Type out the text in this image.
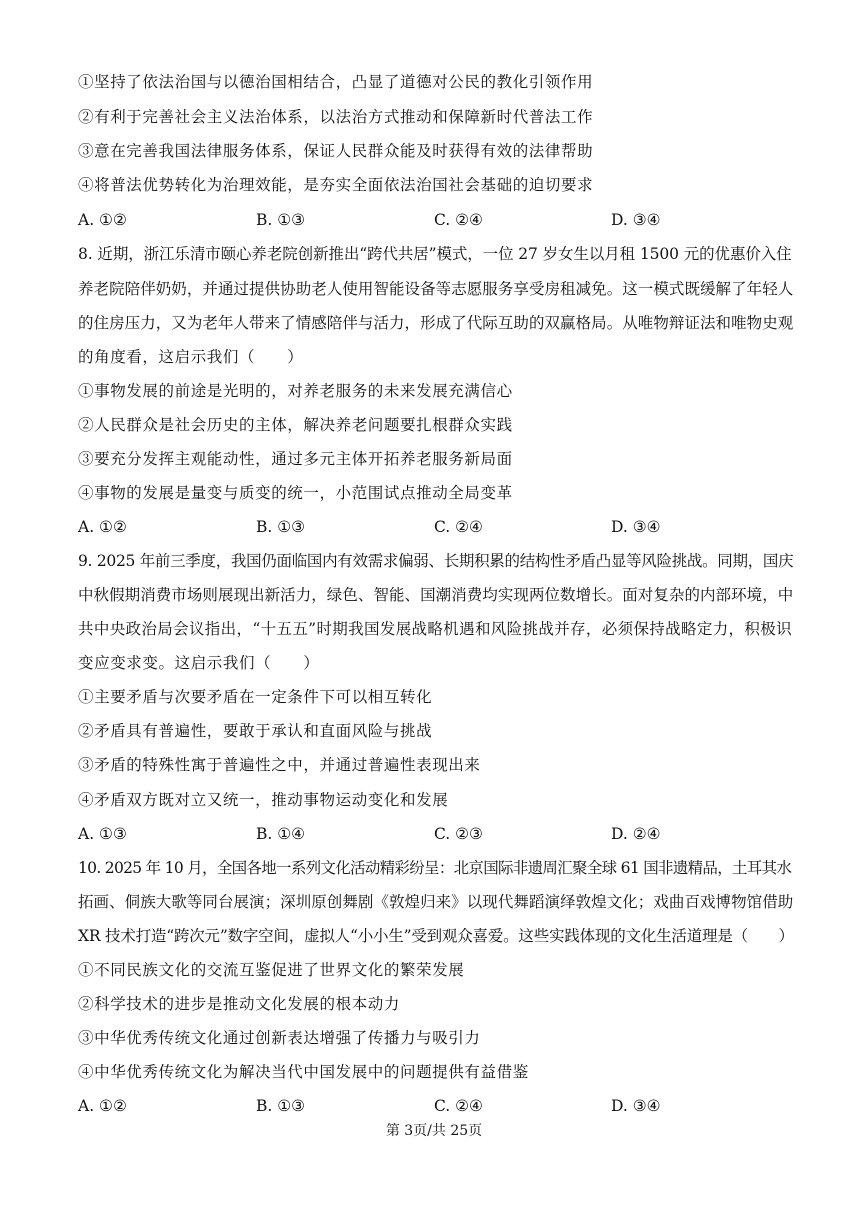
①坚持了依法治国与以德治国相结合，凸显了道德对公民的教化引领作用
②有利于完善社会主义法治体系，以法治方式推动和保障新时代普法工作
③意在完善我国法律服务体系，保证人民群众能及时获得有效的法律帮助
④将普法优势转化为治理效能，是夯实全面依法治国社会基础的迫切要求
A. ①②	B. ①③	C. ②④	D. ③④
8. 近期，浙江乐清市颐心养老院创新推出“跨代共居”模式，一位 27 岁女生以月租 1500 元的优惠价入住
养老院陪伴奶奶，并通过提供协助老人使用智能设备等志愿服务享受房租减免。这一模式既缓解了年轻人
的住房压力，又为老年人带来了情感陪伴与活力，形成了代际互助的双赢格局。从唯物辩证法和唯物史观
的角度看，这启示我们（　　）
①事物发展的前途是光明的，对养老服务的未来发展充满信心
②人民群众是社会历史的主体，解决养老问题要扎根群众实践
③要充分发挥主观能动性，通过多元主体开拓养老服务新局面
④事物的发展是量变与质变的统一，小范围试点推动全局变革
A. ①②	B. ①③	C. ②④	D. ③④
9. 2025 年前三季度，我国仍面临国内有效需求偏弱、长期积累的结构性矛盾凸显等风险挑战。同期，国庆
中秋假期消费市场则展现出新活力，绿色、智能、国潮消费均实现两位数增长。面对复杂的内部环境，中
共中央政治局会议指出，“十五五”时期我国发展战略机遇和风险挑战并存，必须保持战略定力，积极识
变应变求变。这启示我们（　　）
①主要矛盾与次要矛盾在一定条件下可以相互转化
②矛盾具有普遍性，要敢于承认和直面风险与挑战
③矛盾的特殊性寓于普遍性之中，并通过普遍性表现出来
④矛盾双方既对立又统一，推动事物运动变化和发展
A. ①③	B. ①④	C. ②③	D. ②④
10. 2025 年 10 月，全国各地一系列文化活动精彩纷呈：北京国际非遗周汇聚全球 61 国非遗精品，土耳其水
拓画、侗族大歌等同台展演；深圳原创舞剧《敦煌归来》以现代舞蹈演绎敦煌文化；戏曲百戏博物馆借助
XR 技术打造“跨次元”数字空间，虚拟人“小小生”受到观众喜爱。这些实践体现的文化生活道理是（　　）
①不同民族文化的交流互鉴促进了世界文化的繁荣发展
②科学技术的进步是推动文化发展的根本动力
③中华优秀传统文化通过创新表达增强了传播力与吸引力
④中华优秀传统文化为解决当代中国发展中的问题提供有益借鉴
A. ①②	B. ①③	C. ②④	D. ③④
第 3页/共 25页
